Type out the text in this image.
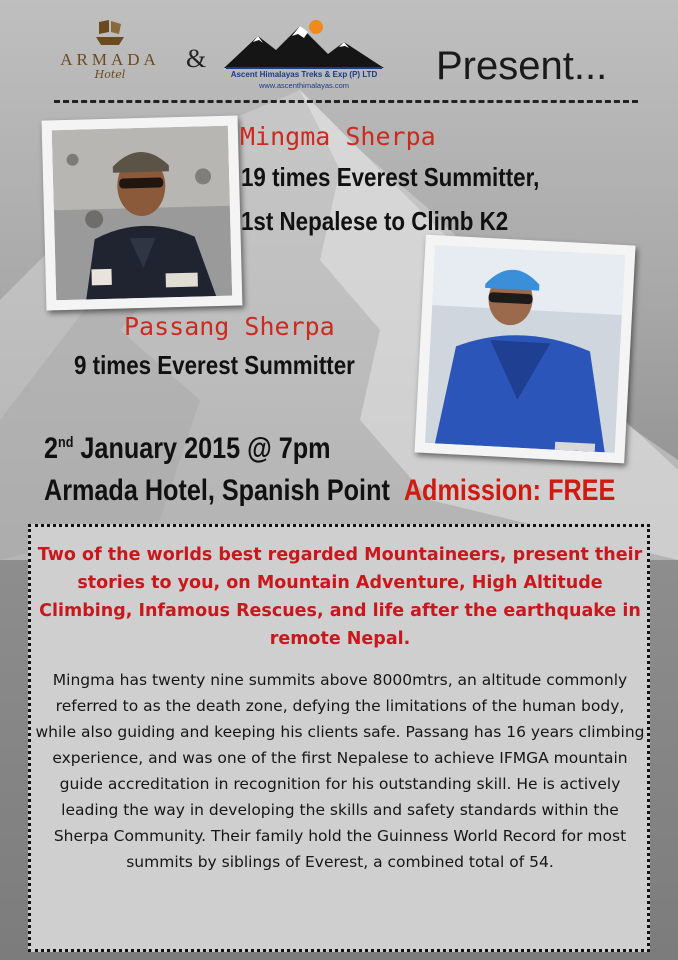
ARMADA
Hotel
&
Ascent Himalayas Treks & Exp (P) LTD
www.ascenthimalayas.com	Present...
Mingma Sherpa
19 times Everest Summitter,
1st Nepalese to Climb K2
Passang Sherpa
9 times Everest Summitter
2nd January 2015 @ 7pm
Armada Hotel, Spanish Point Admission: FREE
Two of the worlds best regarded Mountaineers, present their stories to you, on Mountain Adventure, High Altitude Climbing, Infamous Rescues, and life after the earthquake in remote Nepal.
Mingma has twenty nine summits above 8000mtrs, an altitude commonly referred to as the death zone, defying the limitations of the human body, while also guiding and keeping his clients safe. Passang has 16 years climbing experience, and was one of the first Nepalese to achieve IFMGA mountain guide accreditation in recognition for his outstanding skill. He is actively leading the way in developing the skills and safety standards within the Sherpa Community. Their family hold the Guinness World Record for most summits by siblings of Everest, a combined total of 54.
